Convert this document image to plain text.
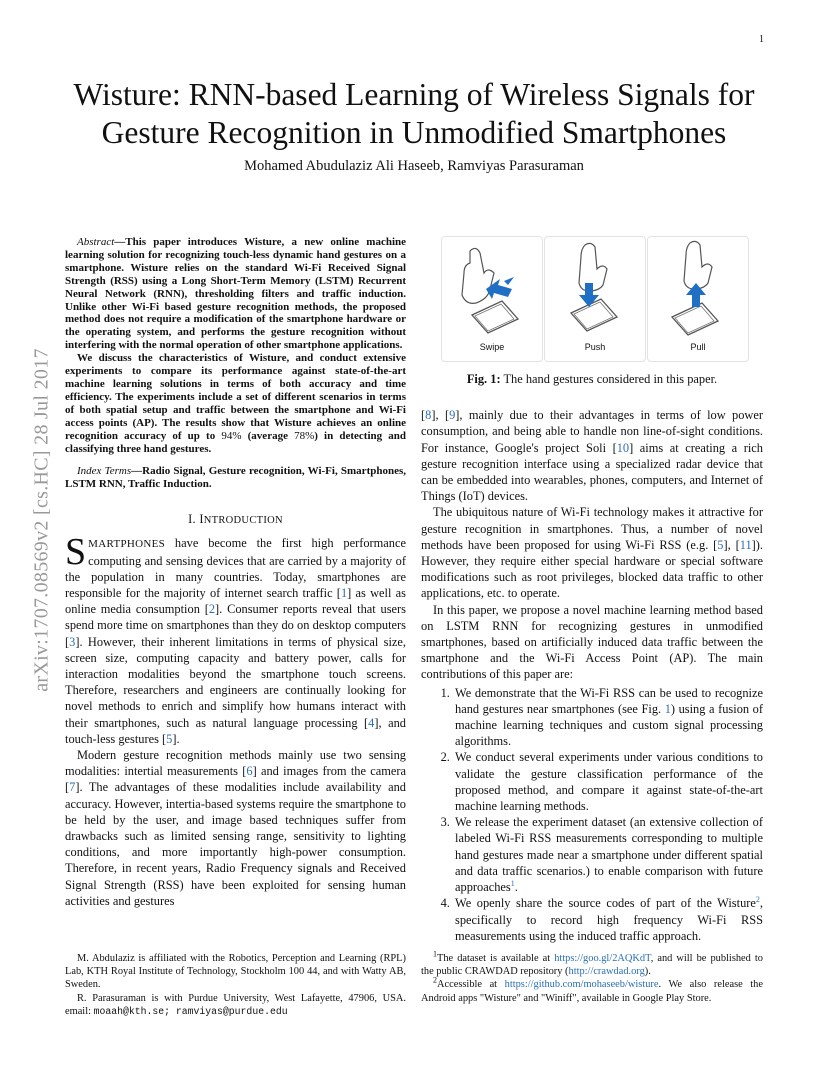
1
arXiv:1707.08569v2 [cs.HC] 28 Jul 2017
Wisture: RNN-based Learning of Wireless Signals for Gesture Recognition in Unmodified Smartphones
Mohamed Abudulaziz Ali Haseeb, Ramviyas Parasuraman

Abstract—This paper introduces Wisture, a new online machine learning solution for recognizing touch-less dynamic hand gestures on a smartphone. Wisture relies on the standard Wi-Fi Received Signal Strength (RSS) using a Long Short-Term Memory (LSTM) Recurrent Neural Network (RNN), thresholding filters and traffic induction. Unlike other Wi-Fi based gesture recognition methods, the proposed method does not require a modification of the smartphone hardware or the operating system, and performs the gesture recognition without interfering with the normal operation of other smartphone applications.

We discuss the characteristics of Wisture, and conduct extensive experiments to compare its performance against state-of-the-art machine learning solutions in terms of both accuracy and time efficiency. The experiments include a set of different scenarios in terms of both spatial setup and traffic between the smartphone and Wi-Fi access points (AP). The results show that Wisture achieves an online recognition accuracy of up to 94% (average 78%) in detecting and classifying three hand gestures.

Index Terms—Radio Signal, Gesture recognition, Wi-Fi, Smartphones, LSTM RNN, Traffic Induction.

I. INTRODUCTION

SMARTPHONES have become the first high performance computing and sensing devices that are carried by a majority of the population in many countries. Today, smartphones are responsible for the majority of internet search traffic [1] as well as online media consumption [2]. Consumer reports reveal that users spend more time on smartphones than they do on desktop computers [3]. However, their inherent limitations in terms of physical size, screen size, computing capacity and battery power, calls for interaction modalities beyond the smartphone touch screens. Therefore, researchers and engineers are continually looking for novel methods to enrich and simplify how humans interact with their smartphones, such as natural language processing [4], and touch-less gestures [5].

Modern gesture recognition methods mainly use two sensing modalities: intertial measurements [6] and images from the camera [7]. The advantages of these modalities include availability and accuracy. However, intertia-based systems require the smartphone to be held by the user, and image based techniques suffer from drawbacks such as limited sensing range, sensitivity to lighting conditions, and more importantly high-power consumption. Therefore, in recent years, Radio Frequency signals and Received Signal Strength (RSS) have been exploited for sensing human activities and gestures

M. Abdulaziz is affiliated with the Robotics, Perception and Learning (RPL) Lab, KTH Royal Institute of Technology, Stockholm 100 44, and with Watty AB, Sweden.

R. Parasuraman is with Purdue University, West Lafayette, 47906, USA. email: moaah@kth.se; ramviyas@purdue.edu

Swipe	Push	Pull
Fig. 1: The hand gestures considered in this paper.

[8], [9], mainly due to their advantages in terms of low power consumption, and being able to handle non line-of-sight conditions. For instance, Google's project Soli [10] aims at creating a rich gesture recognition interface using a specialized radar device that can be embedded into wearables, phones, computers, and Internet of Things (IoT) devices.

The ubiquitous nature of Wi-Fi technology makes it attractive for gesture recognition in smartphones. Thus, a number of novel methods have been proposed for using Wi-Fi RSS (e.g. [5], [11]). However, they require either special hardware or special software modifications such as root privileges, blocked data traffic to other applications, etc. to operate.

In this paper, we propose a novel machine learning method based on LSTM RNN for recognizing gestures in unmodified smartphones, based on artificially induced data traffic between the smartphone and the Wi-Fi Access Point (AP). The main contributions of this paper are:

1. We demonstrate that the Wi-Fi RSS can be used to recognize hand gestures near smartphones (see Fig. 1) using a fusion of machine learning techniques and custom signal processing algorithms.
2. We conduct several experiments under various conditions to validate the gesture classification performance of the proposed method, and compare it against state-of-the-art machine learning methods.
3. We release the experiment dataset (an extensive collection of labeled Wi-Fi RSS measurements corresponding to multiple hand gestures made near a smartphone under different spatial and data traffic scenarios.) to enable comparison with future approaches$^1$.
4. We openly share the source codes of part of the Wisture$^2$, specifically to record high frequency Wi-Fi RSS measurements using the induced traffic approach.

$^1$The dataset is available at https://goo.gl/2AQKdT, and will be published to the public CRAWDAD repository (http://crawdad.org).

$^2$Accessible at https://github.com/mohaseeb/wisture. We also release the Android apps "Wisture" and "Winiff", available in Google Play Store.
